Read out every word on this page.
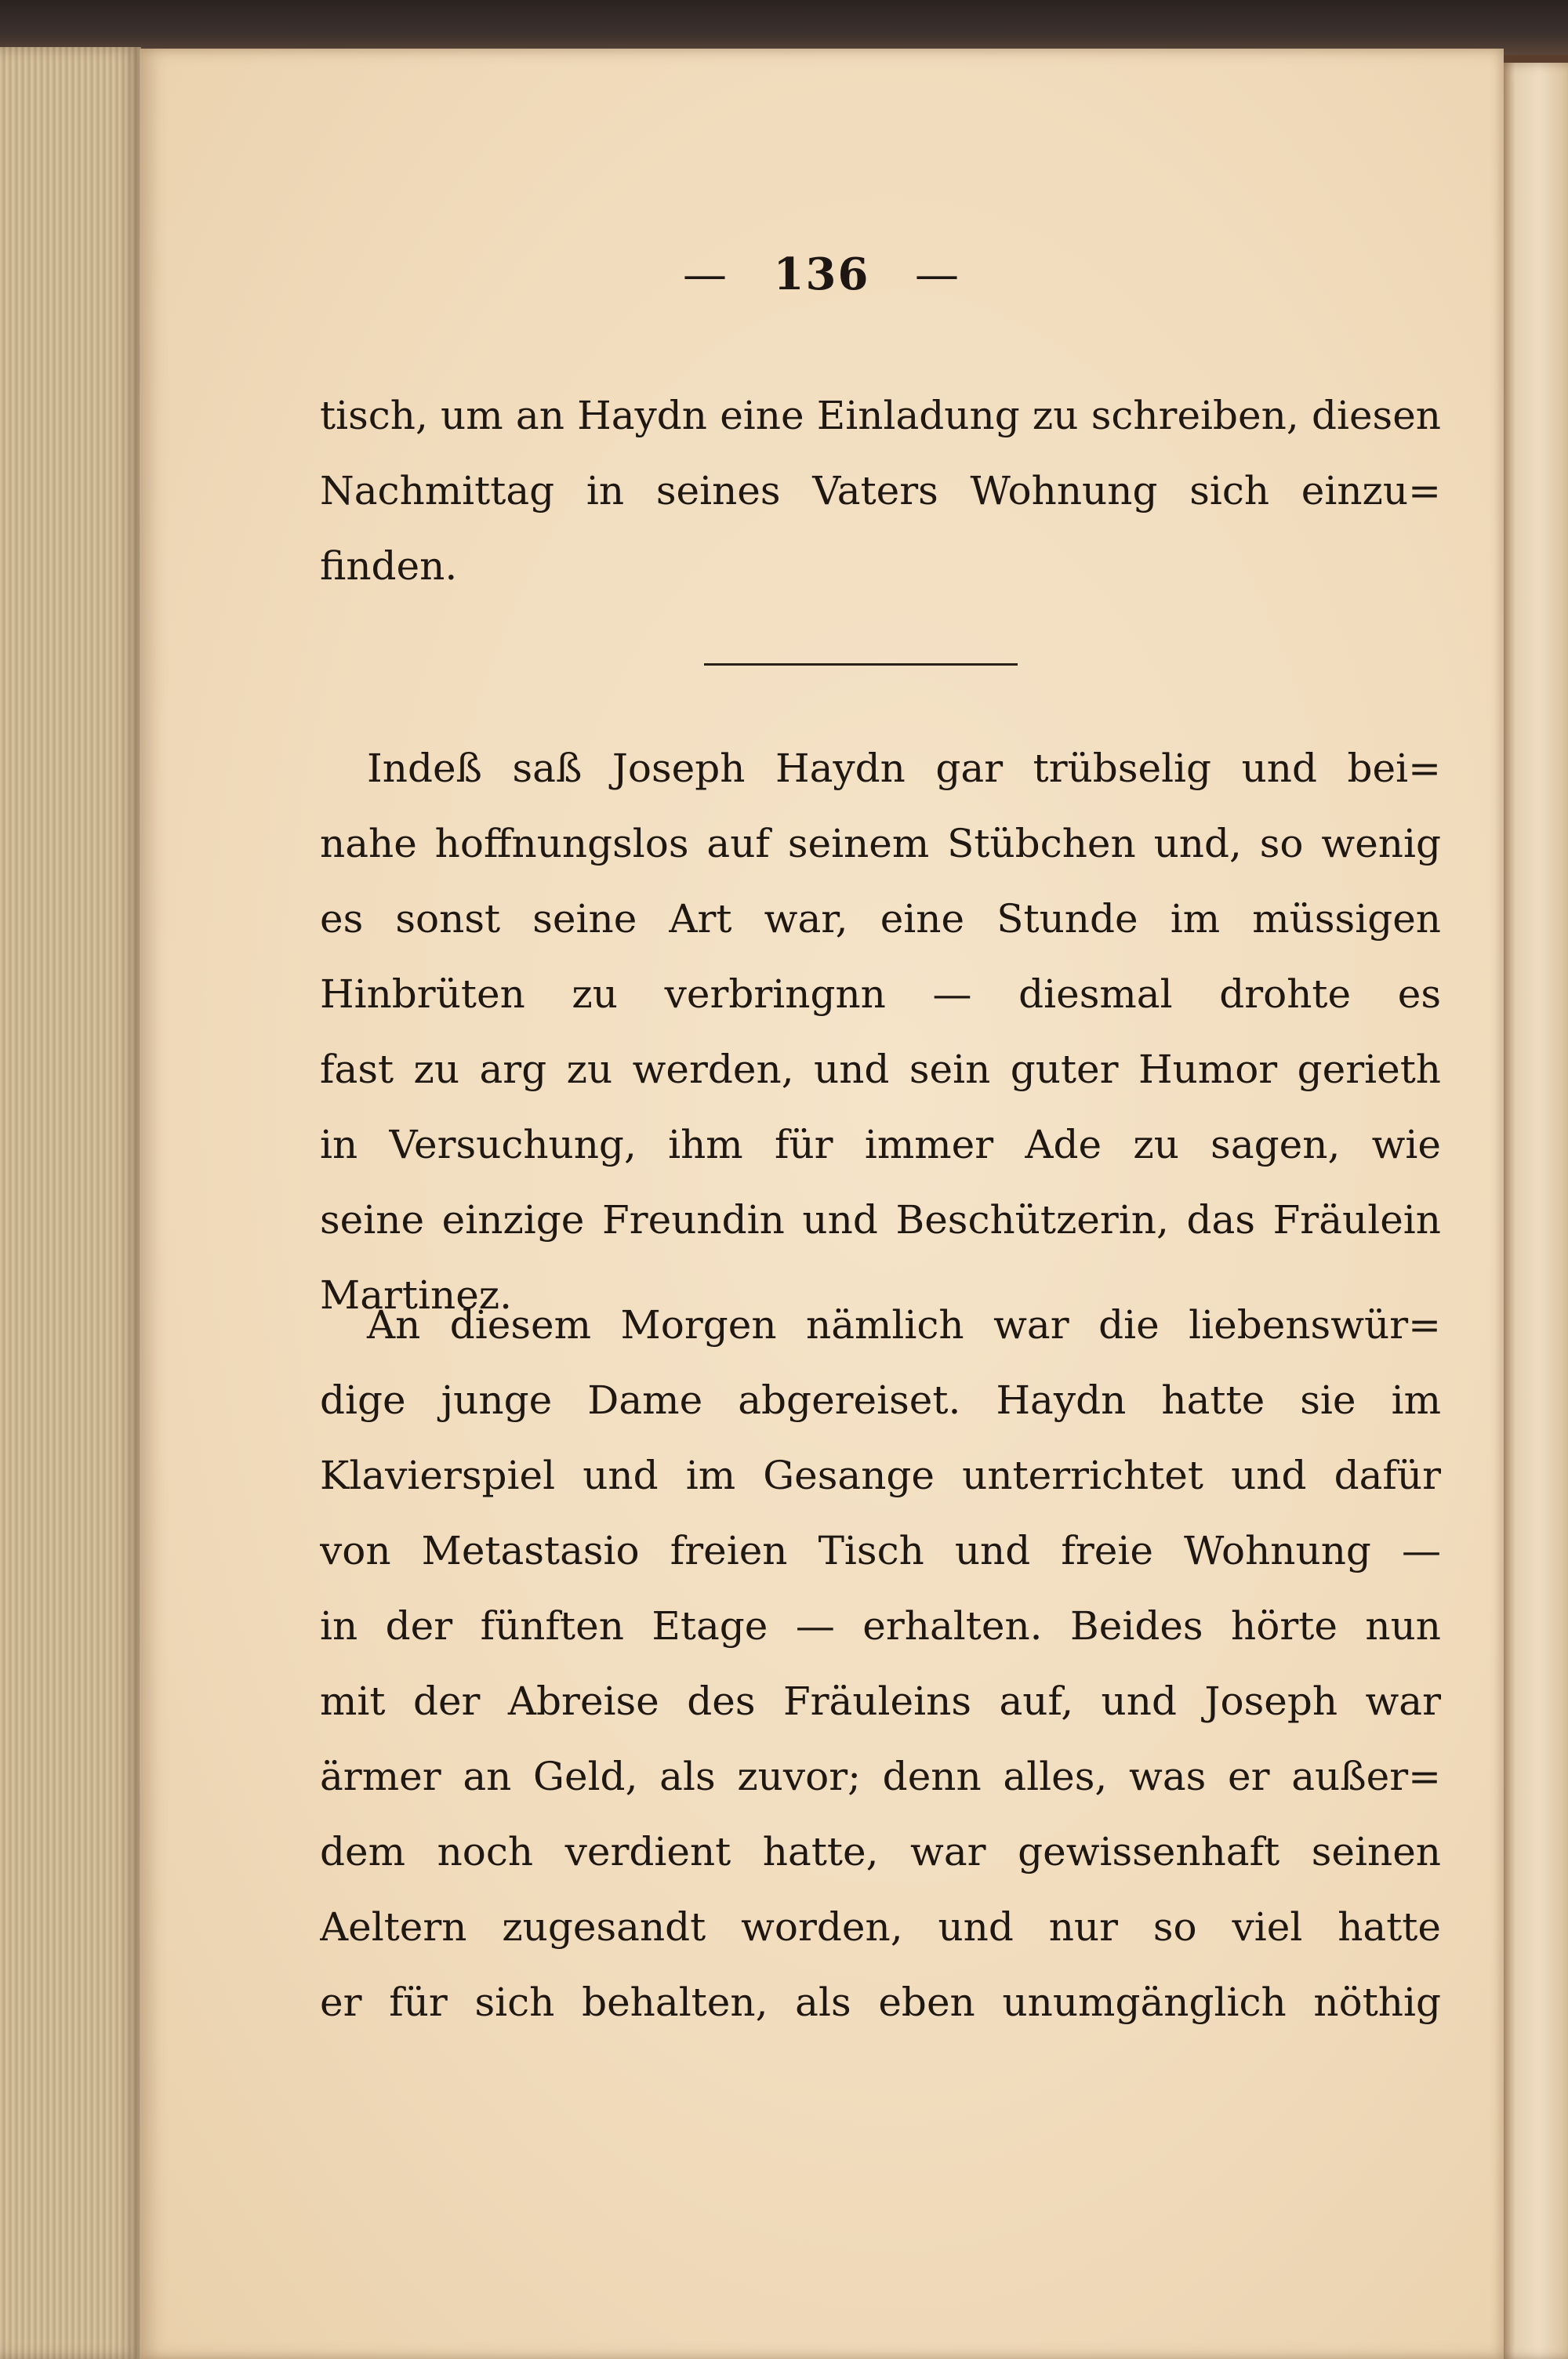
— 136 —
tisch, um an Haydn eine Einladung zu schreiben, diesen
Nachmittag in seines Vaters Wohnung sich einzu=
finden.
Indeß saß Joseph Haydn gar trübselig und bei=
nahe hoffnungslos auf seinem Stübchen und, so wenig
es sonst seine Art war, eine Stunde im müssigen
Hinbrüten zu verbringnn — diesmal drohte es
fast zu arg zu werden, und sein guter Humor gerieth
in Versuchung, ihm für immer Ade zu sagen, wie
seine einzige Freundin und Beschützerin, das Fräulein
Martinez.
An diesem Morgen nämlich war die liebenswür=
dige junge Dame abgereiset. Haydn hatte sie im
Klavierspiel und im Gesange unterrichtet und dafür
von Metastasio freien Tisch und freie Wohnung —
in der fünften Etage — erhalten. Beides hörte nun
mit der Abreise des Fräuleins auf, und Joseph war
ärmer an Geld, als zuvor; denn alles, was er außer=
dem noch verdient hatte, war gewissenhaft seinen
Aeltern zugesandt worden, und nur so viel hatte
er für sich behalten, als eben unumgänglich nöthig
